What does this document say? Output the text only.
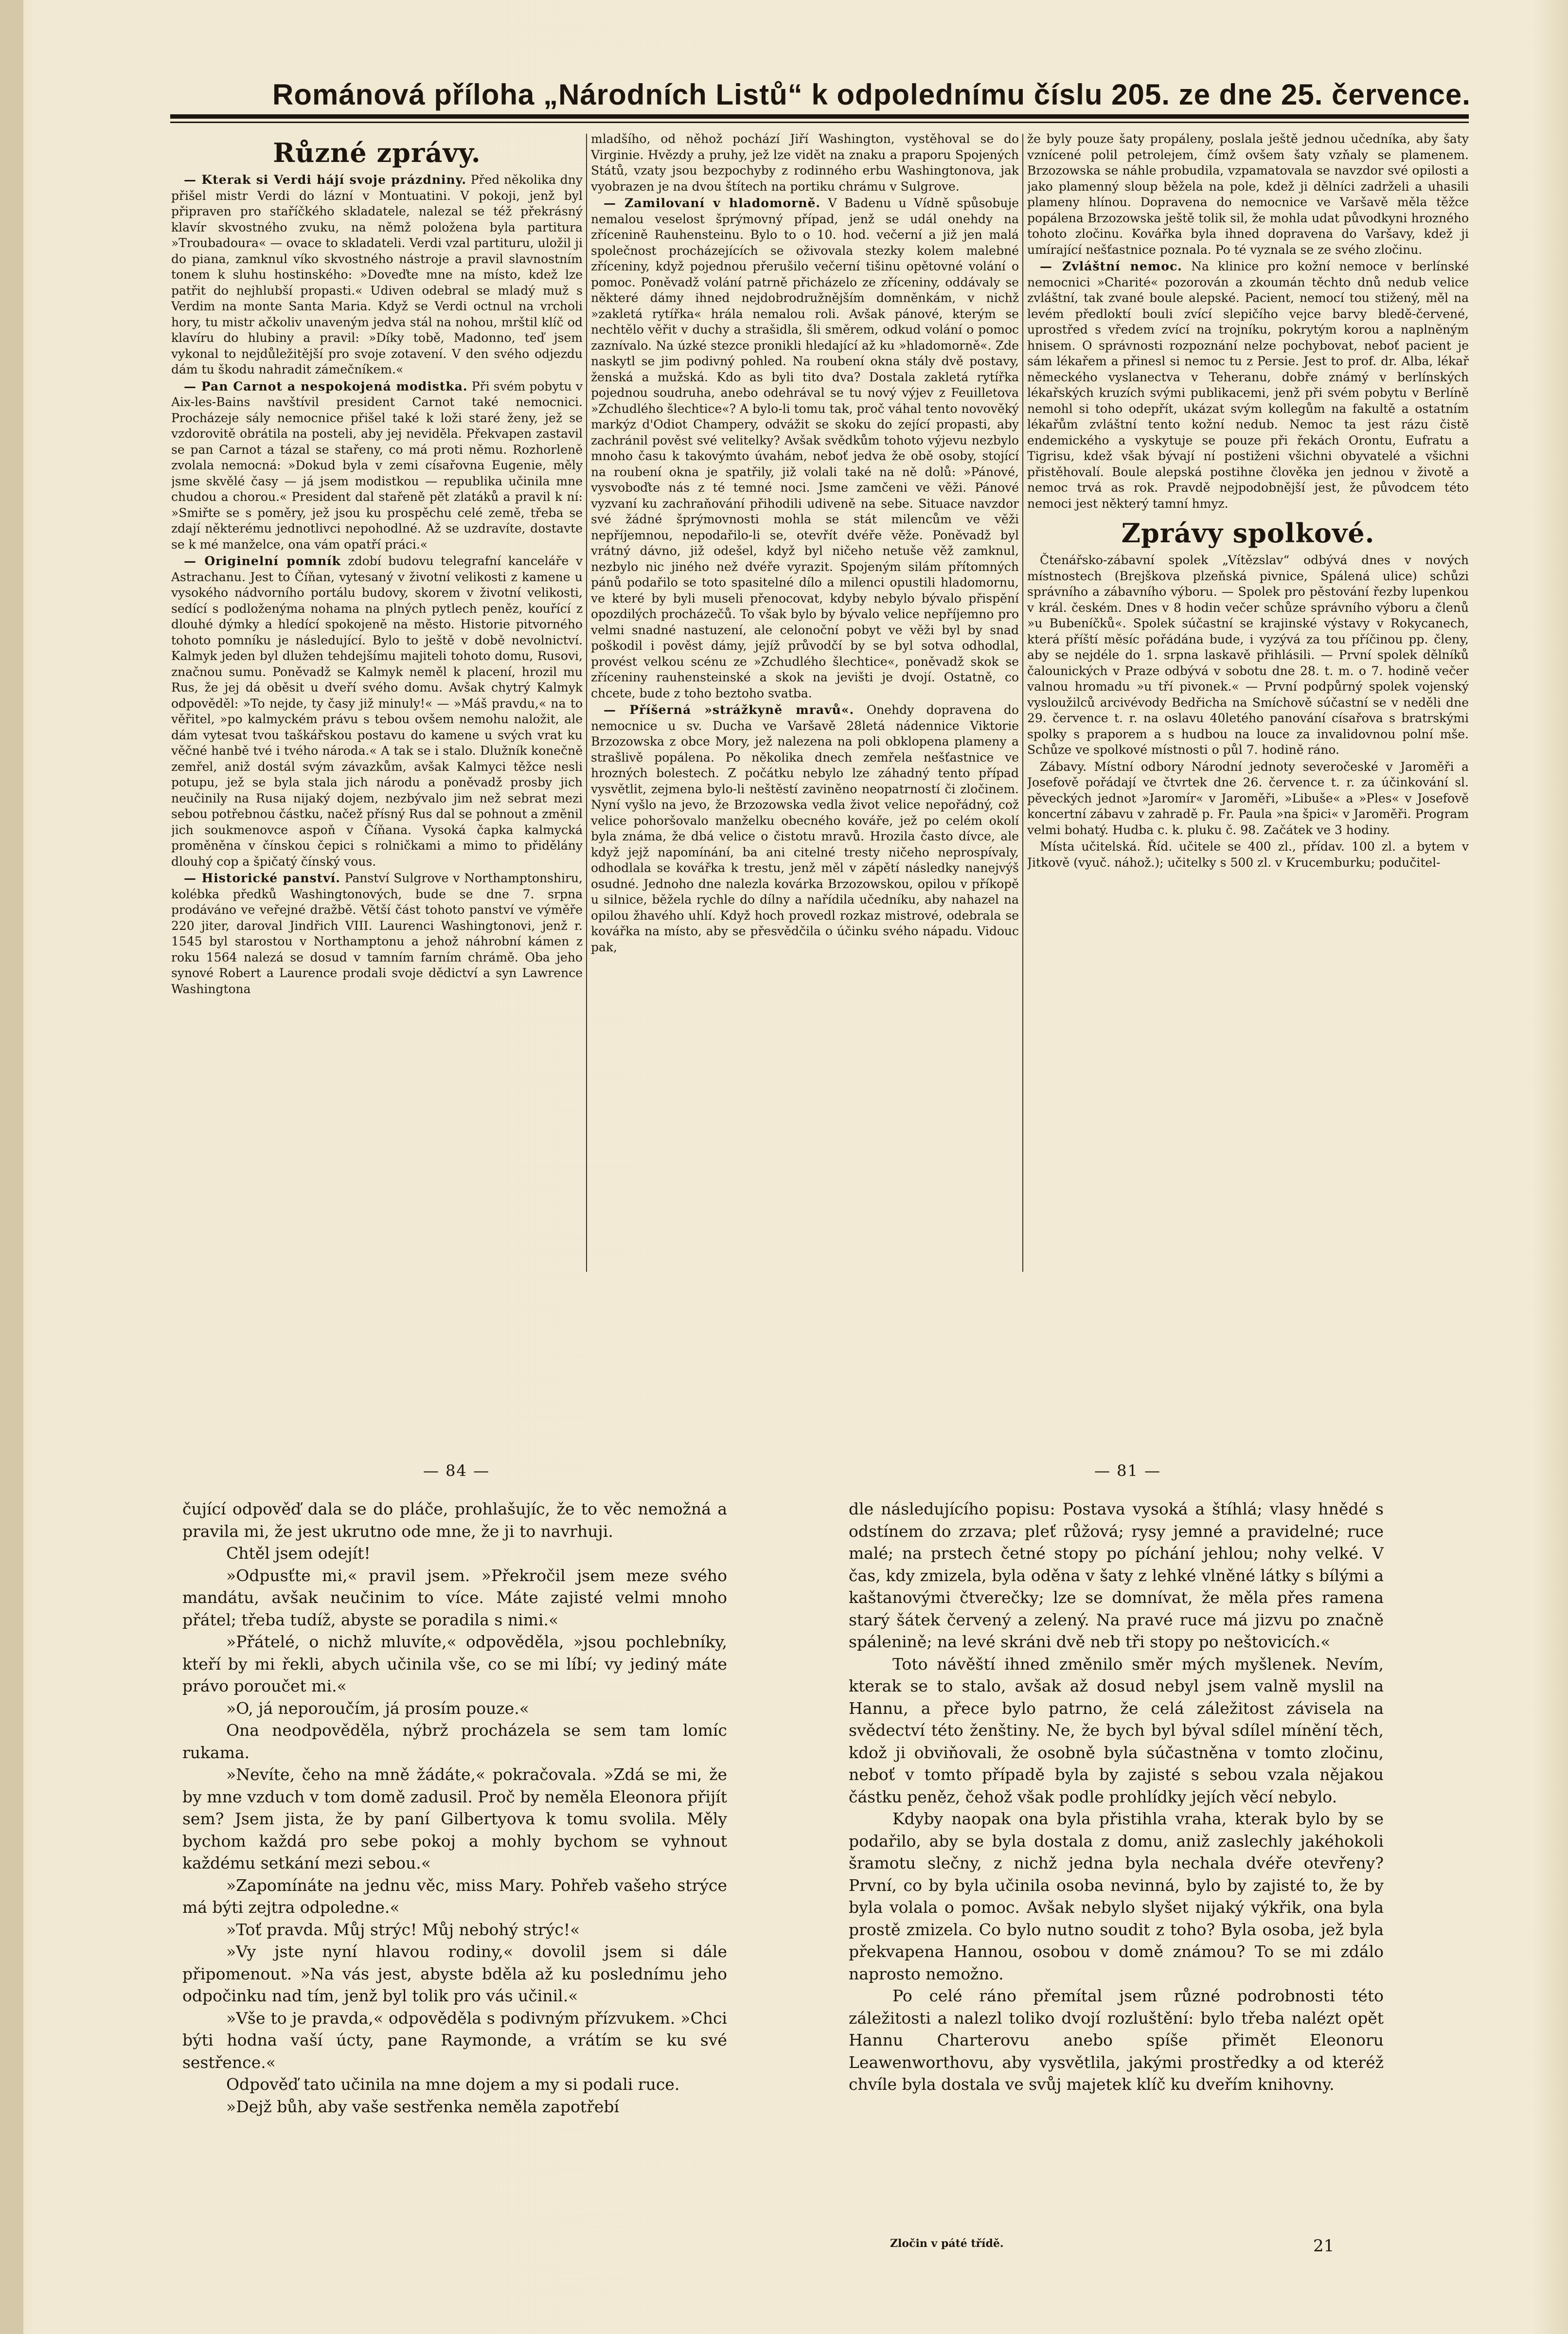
Románová příloha „Národních Listů“ k odpolednímu číslu 205. ze dne 25. července.
Různé zprávy.

— Kterak si Verdi hájí svoje prázdniny. Před několika dny přišel mistr Verdi do lázní v Montuatini. V pokoji, jenž byl připraven pro staříčkého skladatele, nalezal se též překrásný klavír skvostného zvuku, na němž položena byla partitura »Troubadoura« — ovace to skladateli. Verdi vzal partituru, uložil ji do piana, zamknul víko skvostného nástroje a pravil slavnostním tonem k sluhu hostinského: »Doveďte mne na místo, kdež lze patřit do nejhlubší propasti.« Udiven odebral se mladý muž s Verdim na monte Santa Maria. Když se Verdi octnul na vrcholi hory, tu mistr ačkoliv unaveným jedva stál na nohou, mrštil klíč od klavíru do hlubiny a pravil: »Díky tobě, Madonno, teď jsem vykonal to nejdůležitější pro svoje zotavení. V den svého odjezdu dám tu škodu nahradit zámečníkem.«

— Pan Carnot a nespokojená modistka. Při svém pobytu v Aix-les-Bains navštívil president Carnot také nemocnici. Procházeje sály nemocnice přišel také k loži staré ženy, jež se vzdorovitě obrátila na posteli, aby jej neviděla. Překvapen zastavil se pan Carnot a tázal se stařeny, co má proti němu. Rozhorleně zvolala nemocná: »Dokud byla v zemi císařovna Eugenie, měly jsme skvělé časy — já jsem modistkou — republika učinila mne chudou a chorou.« President dal stařeně pět zlatáků a pravil k ní: »Smiřte se s poměry, jež jsou ku prospěchu celé země, třeba se zdají některému jednotlivci nepohodlné. Až se uzdravíte, dostavte se k mé manželce, ona vám opatří práci.«

— Originelní pomník zdobí budovu telegrafní kanceláře v Astrachanu. Jest to Číňan, vytesaný v životní velikosti z kamene u vysokého nádvorního portálu budovy, skorem v životní velikosti, sedící s podloženýma nohama na plných pytlech peněz, kouřící z dlouhé dýmky a hledící spokojeně na město. Historie pitvorného tohoto pomníku je následující. Bylo to ještě v době nevolnictví. Kalmyk jeden byl dlužen tehdejšímu majiteli tohoto domu, Rusovi, značnou sumu. Poněvadž se Kalmyk neměl k placení, hrozil mu Rus, že jej dá oběsit u dveří svého domu. Avšak chytrý Kalmyk odpověděl: »To nejde, ty časy již minuly!« — »Máš pravdu,« na to věřitel, »po kalmyckém právu s tebou ovšem nemohu naložit, ale dám vytesat tvou taškářskou postavu do kamene u svých vrat ku věčné hanbě tvé i tvého národa.« A tak se i stalo. Dlužník konečně zemřel, aniž dostál svým závazkům, avšak Kalmyci těžce nesli potupu, jež se byla stala jich národu a poněvadž prosby jich neučinily na Rusa nijaký dojem, nezbývalo jim než sebrat mezi sebou potřebnou částku, načež přísný Rus dal se pohnout a změnil jich soukmenovce aspoň v Číňana. Vysoká čapka kalmycká proměněna v čínskou čepici s rolničkami a mimo to přidělány dlouhý cop a špičatý čínský vous.

— Historické panství. Panství Sulgrove v Northamptonshiru, kolébka předků Washingtonových, bude se dne 7. srpna prodáváno ve veřejné dražbě. Větší část tohoto panství ve výměře 220 jiter, daroval Jindřich VIII. Laurenci Washingtonovi, jenž r. 1545 byl starostou v Northamptonu a jehož náhrobní kámen z roku 1564 nalezá se dosud v tamním farním chrámě. Oba jeho synové Robert a Laurence prodali svoje dědictví a syn Lawrence Washingtona

mladšího, od něhož pochází Jiří Washington, vystěhoval se do Virginie. Hvězdy a pruhy, jež lze vidět na znaku a praporu Spojených Států, vzaty jsou bezpochyby z rodinného erbu Washingtonova, jak vyobrazen je na dvou štítech na portiku chrámu v Sulgrove.

— Zamilovaní v hladomorně. V Badenu u Vídně spůsobuje nemalou veselost šprýmovný případ, jenž se udál onehdy na zřícenině Rauhensteinu. Bylo to o 10. hod. večerní a již jen malá společnost procházejících se oživovala stezky kolem malebné zříceniny, když pojednou přerušilo večerní tišinu opětovné volání o pomoc. Poněvadž volání patrně přicházelo ze zříceniny, oddávaly se některé dámy ihned nejdobrodružnějším domněnkám, v nichž »zakletá rytířka« hrála nemalou roli. Avšak pánové, kterým se nechtělo věřit v duchy a strašidla, šli směrem, odkud volání o pomoc zaznívalo. Na úzké stezce pronikli hledající až ku »hladomorně«. Zde naskytl se jim podivný pohled. Na roubení okna stály dvě postavy, ženská a mužská. Kdo as byli tito dva? Dostala zakletá rytířka pojednou soudruha, anebo odehrával se tu nový výjev z Feuilletova »Zchudlého šlechtice«? A bylo-li tomu tak, proč váhal tento novověký markýz d'Odiot Champery, odvážit se skoku do zející propasti, aby zachránil pověst své velitelky? Avšak svědkům tohoto výjevu nezbylo mnoho času k takovýmto úvahám, neboť jedva že obě osoby, stojící na roubení okna je spatřily, již volali také na ně dolů: »Pánové, vysvoboďte nás z té temné noci. Jsme zamčeni ve věži. Pánové vyzvaní ku zachraňování přihodili udiveně na sebe. Situace navzdor své žádné šprýmovnosti mohla se stát milencům ve věži nepříjemnou, nepodařilo-li se, otevřít dvéře věže. Poněvadž byl vrátný dávno, již odešel, když byl ničeho netuše věž zamknul, nezbylo nic jiného než dvéře vyrazit. Spojeným silám přítomných pánů podařilo se toto spasitelné dílo a milenci opustili hladomornu, ve které by byli museli přenocovat, kdyby nebylo bývalo přispění opozdilých procházečů. To však bylo by bývalo velice nepříjemno pro velmi snadné nastuzení, ale celonoční pobyt ve věži byl by snad poškodil i pověst dámy, jejíž průvodčí by se byl sotva odhodlal, provést velkou scénu ze »Zchudlého šlechtice«, poněvadž skok se zříceniny rauhensteinské a skok na jevišti je dvojí. Ostatně, co chcete, bude z toho beztoho svatba.

— Příšerná »strážkyně mravů«. Onehdy dopravena do nemocnice u sv. Ducha ve Varšavě 28letá nádennice Viktorie Brzozowska z obce Mory, jež nalezena na poli obklopena plameny a strašlivě popálena. Po několika dnech zemřela nešťastnice ve hrozných bolestech. Z počátku nebylo lze záhadný tento případ vysvětlit, zejmena bylo-li neštěstí zaviněno neopatrností či zločinem. Nyní vyšlo na jevo, že Brzozowska vedla život velice nepořádný, což velice pohoršovalo manželku obecného kováře, jež po celém okolí byla známa, že dbá velice o čistotu mravů. Hrozila často dívce, ale když jejž napomínání, ba ani citelné tresty ničeho neprospívaly, odhodlala se kovářka k trestu, jenž měl v zápětí následky nanejvýš osudné. Jednoho dne nalezla kovárka Brzozowskou, opilou v příkopě u silnice, běžela rychle do dílny a nařídila učedníku, aby nahazel na opilou žhavého uhlí. Když hoch provedl rozkaz mistrové, odebrala se kovářka na místo, aby se přesvědčila o účinku svého nápadu. Vidouc pak,

že byly pouze šaty propáleny, poslala ještě jednou učedníka, aby šaty vznícené polil petrolejem, čímž ovšem šaty vzňaly se plamenem. Brzozowska se náhle probudila, vzpamatovala se navzdor své opilosti a jako plamenný sloup běžela na pole, kdež ji dělníci zadrželi a uhasili plameny hlínou. Dopravena do nemocnice ve Varšavě měla těžce popálena Brzozowska ještě tolik sil, že mohla udat původkyni hrozného tohoto zločinu. Kovářka byla ihned dopravena do Varšavy, kdež ji umírající nešťastnice poznala. Po té vyznala se ze svého zločinu.

— Zvláštní nemoc. Na klinice pro kožní nemoce v berlínské nemocnici »Charité« pozorován a zkoumán těchto dnů nedub velice zvláštní, tak zvané boule alepské. Pacient, nemocí tou stižený, měl na levém předloktí bouli zvící slepičího vejce barvy bledě-červené, uprostřed s vředem zvící na trojníku, pokrytým korou a naplněným hnisem. O správnosti rozpoznání nelze pochybovat, neboť pacient je sám lékařem a přinesl si nemoc tu z Persie. Jest to prof. dr. Alba, lékař německého vyslanectva v Teheranu, dobře známý v berlínských lékařských kruzích svými publikacemi, jenž při svém pobytu v Berlíně nemohl si toho odepřít, ukázat svým kollegům na fakultě a ostatním lékařům zvláštní tento kožní nedub. Nemoc ta jest rázu čistě endemického a vyskytuje se pouze při řekách Orontu, Eufratu a Tigrisu, kdež však bývají ní postiženi všichni obyvatelé a všichni přistěhovalí. Boule alepská postihne člověka jen jednou v životě a nemoc trvá as rok. Pravdě nejpodobnější jest, že původcem této nemoci jest některý tamní hmyz.

Zprávy spolkové.

Čtenářsko-zábavní spolek „Vítězslav“ odbývá dnes v nových místnostech (Brejškova plzeňská pivnice, Spálená ulice) schůzi správního a zábavního výboru. — Spolek pro pěstování řezby lupenkou v král. českém. Dnes v 8 hodin večer schůze správního výboru a členů »u Bubeníčků«. Spolek súčastní se krajinské výstavy v Rokycanech, která příští měsíc pořádána bude, i vyzývá za tou příčinou pp. členy, aby se nejdéle do 1. srpna laskavě přihlásili. — První spolek dělníků čalounických v Praze odbývá v sobotu dne 28. t. m. o 7. hodině večer valnou hromadu »u tří pivonek.« — První podpůrný spolek vojenský vysloužilců arcivévody Bedřicha na Smíchově súčastní se v neděli dne 29. července t. r. na oslavu 40letého panování císařova s bratrskými spolky s praporem a s hudbou na louce za invalidovnou polní mše. Schůze ve spolkové místnosti o půl 7. hodině ráno.

Zábavy. Místní odbory Národní jednoty severočeské v Jaroměři a Josefově pořádají ve čtvrtek dne 26. července t. r. za účinkování sl. pěveckých jednot »Jaromír« v Jaroměři, »Libuše« a »Ples« v Josefově koncertní zábavu v zahradě p. Fr. Paula »na špici« v Jaroměři. Program velmi bohatý. Hudba c. k. pluku č. 98. Začátek ve 3 hodiny.

Místa učitelská. Říd. učitele se 400 zl., přídav. 100 zl. a bytem v Jitkově (vyuč. náhož.); učitelky s 500 zl. v Krucemburku; podučitel-

— 84 —	— 81 —

čující odpověď dala se do pláče, prohlašujíc, že to věc nemožná a pravila mi, že jest ukrutno ode mne, že ji to navrhuji.

Chtěl jsem odejít!

»Odpusťte mi,« pravil jsem. »Překročil jsem meze svého mandátu, avšak neučinim to více. Máte zajisté velmi mnoho přátel; třeba tudíž, abyste se poradila s nimi.«

»Přátelé, o nichž mluvíte,« odpověděla, »jsou pochlebníky, kteří by mi řekli, abych učinila vše, co se mi líbí; vy jediný máte právo poroučet mi.«

»O, já neporoučím, já prosím pouze.«

Ona neodpověděla, nýbrž procházela se sem tam lomíc rukama.

»Nevíte, čeho na mně žádáte,« pokračovala. »Zdá se mi, že by mne vzduch v tom domě zadusil. Proč by neměla Eleonora přijít sem? Jsem jista, že by paní Gilbertyova k tomu svolila. Měly bychom každá pro sebe pokoj a mohly bychom se vyhnout každému setkání mezi sebou.«

»Zapomínáte na jednu věc, miss Mary. Pohřeb vašeho strýce má býti zejtra odpoledne.«

»Toť pravda. Můj strýc! Můj nebohý strýc!«

»Vy jste nyní hlavou rodiny,« dovolil jsem si dále připomenout. »Na vás jest, abyste bděla až ku poslednímu jeho odpočinku nad tím, jenž byl tolik pro vás učinil.«

»Vše to je pravda,« odpověděla s podivným přízvukem. »Chci býti hodna vaší úcty, pane Raymonde, a vrátím se ku své sestřence.«

Odpověď tato učinila na mne dojem a my si podali ruce.

»Dejž bůh, aby vaše sestřenka neměla zapotřebí

dle následujícího popisu: Postava vysoká a štíhlá; vlasy hnědé s odstínem do zrzava; pleť růžová; rysy jemné a pravidelné; ruce malé; na prstech četné stopy po píchání jehlou; nohy velké. V čas, kdy zmizela, byla oděna v šaty z lehké vlněné látky s bílými a kaštanovými čtverečky; lze se domnívat, že měla přes ramena starý šátek červený a zelený. Na pravé ruce má jizvu po značně spálenině; na levé skráni dvě neb tři stopy po neštovicích.«

Toto návěští ihned změnilo směr mých myšlenek. Nevím, kterak se to stalo, avšak až dosud nebyl jsem valně myslil na Hannu, a přece bylo patrno, že celá záležitost závisela na svědectví této ženštiny. Ne, že bych byl býval sdílel mínění těch, kdož ji obviňovali, že osobně byla súčastněna v tomto zločinu, neboť v tomto případě byla by zajisté s sebou vzala nějakou částku peněz, čehož však podle prohlídky jejích věcí nebylo.

Kdyby naopak ona byla přistihla vraha, kterak bylo by se podařilo, aby se byla dostala z domu, aniž zaslechly jakéhokoli šramotu slečny, z nichž jedna byla nechala dvéře otevřeny? První, co by byla učinila osoba nevinná, bylo by zajisté to, že by byla volala o pomoc. Avšak nebylo slyšet nijaký výkřik, ona byla prostě zmizela. Co bylo nutno soudit z toho? Byla osoba, jež byla překvapena Hannou, osobou v domě známou? To se mi zdálo naprosto nemožno.

Po celé ráno přemítal jsem různé podrobnosti této záležitosti a nalezl toliko dvojí rozluštění: bylo třeba nalézt opět Hannu Charterovu anebo spíše přimět Eleonoru Leawenworthovu, aby vysvětlila, jakými prostředky a od kteréž chvíle byla dostala ve svůj majetek klíč ku dveřím knihovny.

Zločin v páté třídě.	21
